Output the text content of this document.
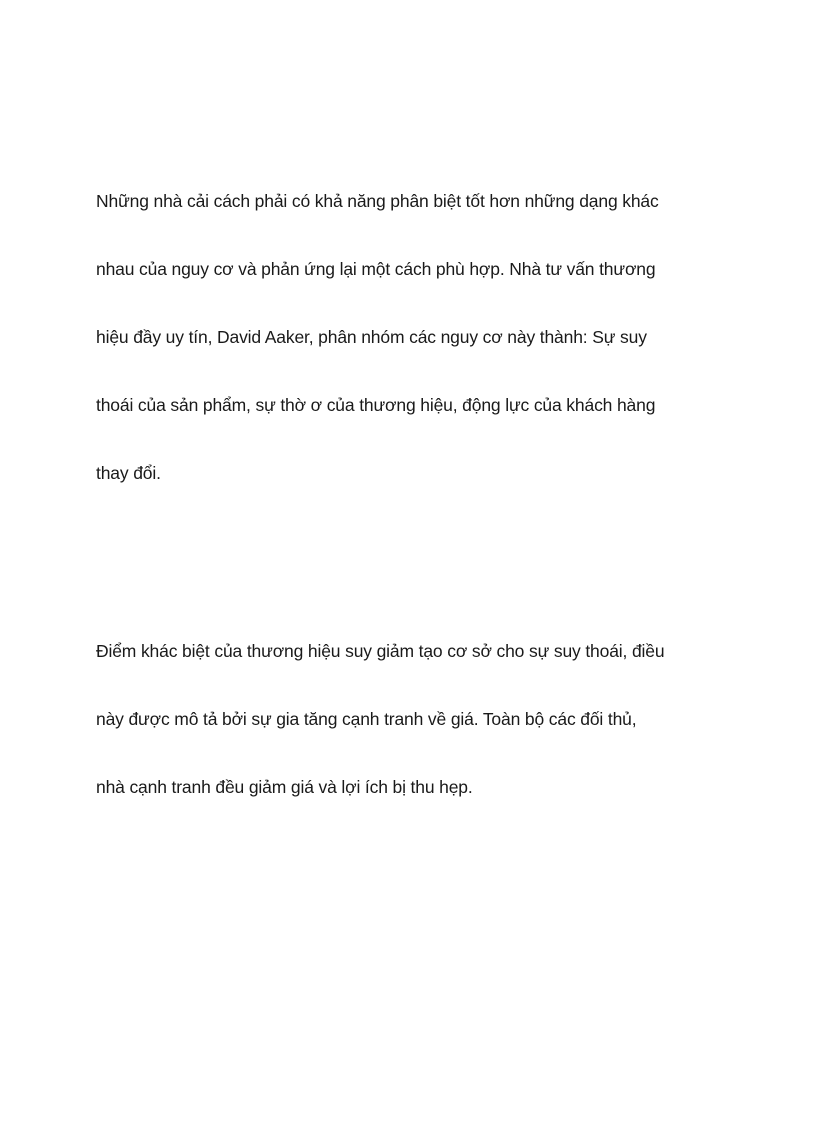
Những nhà cải cách phải có khả năng phân biệt tốt hơn những dạng khác
nhau của nguy cơ và phản ứng lại một cách phù hợp. Nhà tư vấn thương
hiệu đầy uy tín, David Aaker, phân nhóm các nguy cơ này thành: Sự suy
thoái của sản phẩm, sự thờ ơ của thương hiệu, động lực của khách hàng
thay đổi.
Điểm khác biệt của thương hiệu suy giảm tạo cơ sở cho sự suy thoái, điều
này được mô tả bởi sự gia tăng cạnh tranh về giá. Toàn bộ các đối thủ,
nhà cạnh tranh đều giảm giá và lợi ích bị thu hẹp.
